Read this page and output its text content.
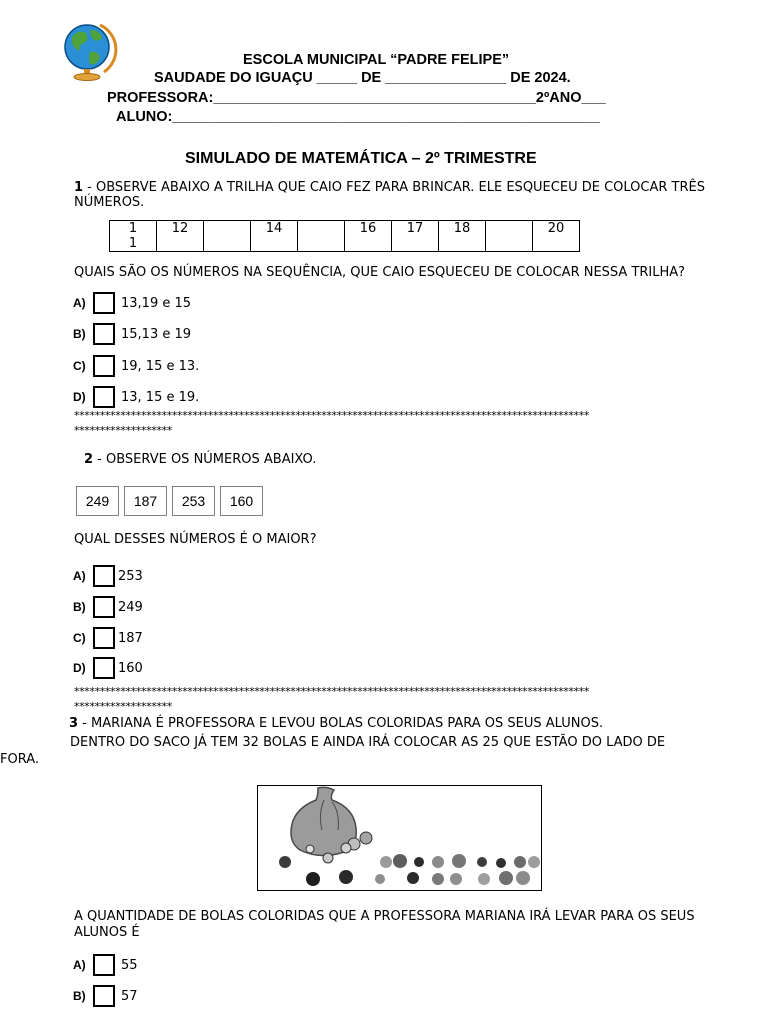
ESCOLA MUNICIPAL “PADRE FELIPE”
SAUDADE DO IGUAÇU _____ DE _______________ DE 2024.
PROFESSORA:________________________________________2ºANO___
ALUNO:_____________________________________________________
SIMULADO DE MATEMÁTICA – 2º TRIMESTRE
1 - OBSERVE ABAIXO A TRILHA QUE CAIO FEZ PARA BRINCAR. ELE ESQUECEU DE COLOCAR TRÊS
NÚMEROS.
1
1	12		14		16	17	18		20
QUAIS SÃO OS NÚMEROS NA SEQUÊNCIA, QUE CAIO ESQUECEU DE COLOCAR NESSA TRILHA?
A)	13,19 e 15
B)	15,13 e 19
C)	19, 15 e 13.
D)	13, 15 e 19.
****************************************************************************************************
*******************
2 - OBSERVE OS NÚMEROS ABAIXO.
249	187	253	160
QUAL DESSES NÚMEROS É O MAIOR?
A)	253
B)	249
C)	187
D)	160
****************************************************************************************************
*******************
3 - MARIANA É PROFESSORA E LEVOU BOLAS COLORIDAS PARA OS SEUS ALUNOS.
DENTRO DO SACO JÁ TEM 32 BOLAS E AINDA IRÁ COLOCAR AS 25 QUE ESTÃO DO LADO DE
FORA.
A QUANTIDADE DE BOLAS COLORIDAS QUE A PROFESSORA MARIANA IRÁ LEVAR PARA OS SEUS
ALUNOS É
A)	55
B)	57
